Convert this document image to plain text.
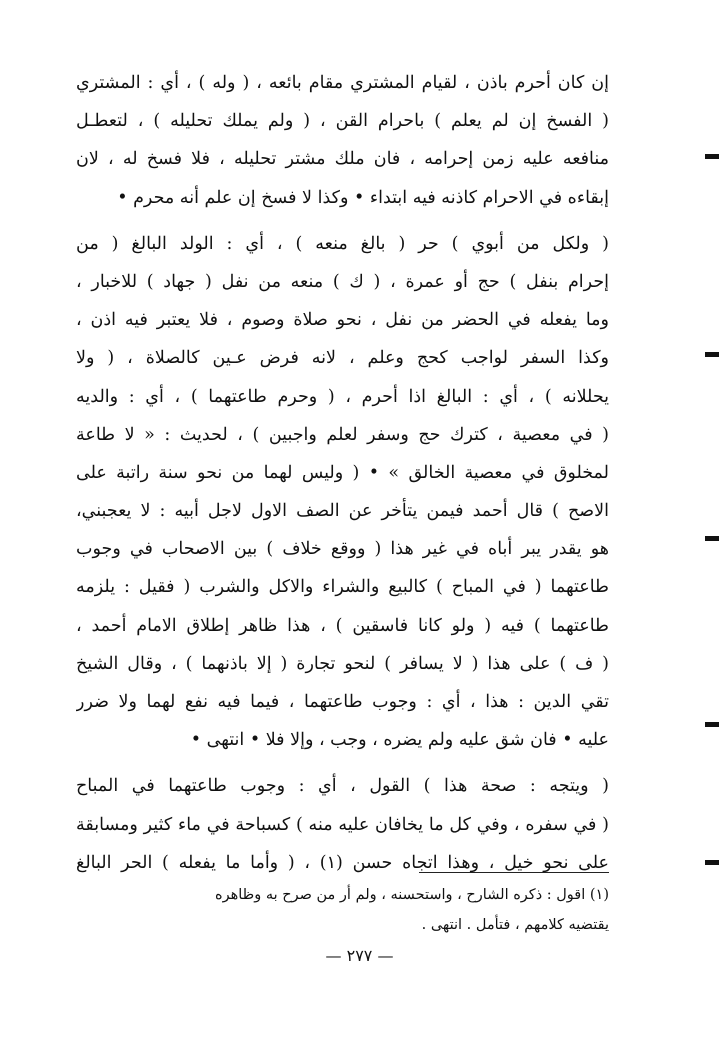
إن كان أحرم باذن ، لقيام المشتري مقام بائعه ، ( وله ) ، أي : المشتري
( الفسخ إن لم يعلم ) باحرام القن ، ( ولم يملك تحليله ) ، لتعطـل
منافعه عليه زمن إحرامه ، فان ملك مشتر تحليله ، فلا فسخ له ، لان
إبقاءه في الاحرام كاذنه فيه ابتداء • وكذا لا فسخ إن علم أنه محرم •
( ولكل من أبوي ) حر ( بالغ منعه ) ، أي : الولد البالغ ( من
إحرام بنفل ) حج أو عمرة ، ( ك ) منعه من نفل ( جهاد ) للاخبار ،
وما يفعله في الحضر من نفل ، نحو صلاة وصوم ، فلا يعتبر فيه اذن ،
وكذا السفر لواجب كحج وعلم ، لانه فرض عـين كالصلاة ، ( ولا
يحللانه ) ، أي : البالغ اذا أحرم ، ( وحرم طاعتهما ) ، أي : والديه
( في معصية ، كترك حج وسفر لعلم واجبين ) ، لحديث : « لا طاعة
لمخلوق في معصية الخالق » • ( وليس لهما من نحو سنة راتبة على
الاصح ) قال أحمد فيمن يتأخر عن الصف الاول لاجل أبيه : لا يعجبني،
هو يقدر يبر أباه في غير هذا ( ووقع خلاف ) بين الاصحاب في وجوب
طاعتهما ( في المباح ) كالبيع والشراء والاكل والشرب ( فقيل : يلزمه
طاعتهما ) فيه ( ولو كانا فاسقين ) ، هذا ظاهر إطلاق الامام أحمد ،
( ف ) على هذا ( لا يسافر ) لنحو تجارة ( إلا باذنهما ) ، وقال الشيخ
تقي الدين : هذا ، أي : وجوب طاعتهما ، فيما فيه نفع لهما ولا ضرر
عليه • فان شق عليه ولم يضره ، وجب ، وإلا فلا • انتهى •
( ويتجه : صحة هذا ) القول ، أي : وجوب طاعتهما في المباح
( في سفره ، وفي كل ما يخافان عليه منه ) كسباحة في ماء كثير ومسابقة
على نحو خيل ، وهذا اتجاه حسن (١) ، ( وأما ما يفعله ) الحر البالغ
(١) اقول : ذكره الشارح ، واستحسنه ، ولم أر من صرح به وظاهره
يقتضيه كلامهم ، فتأمل . انتهى .
— ٢٧٧ —
